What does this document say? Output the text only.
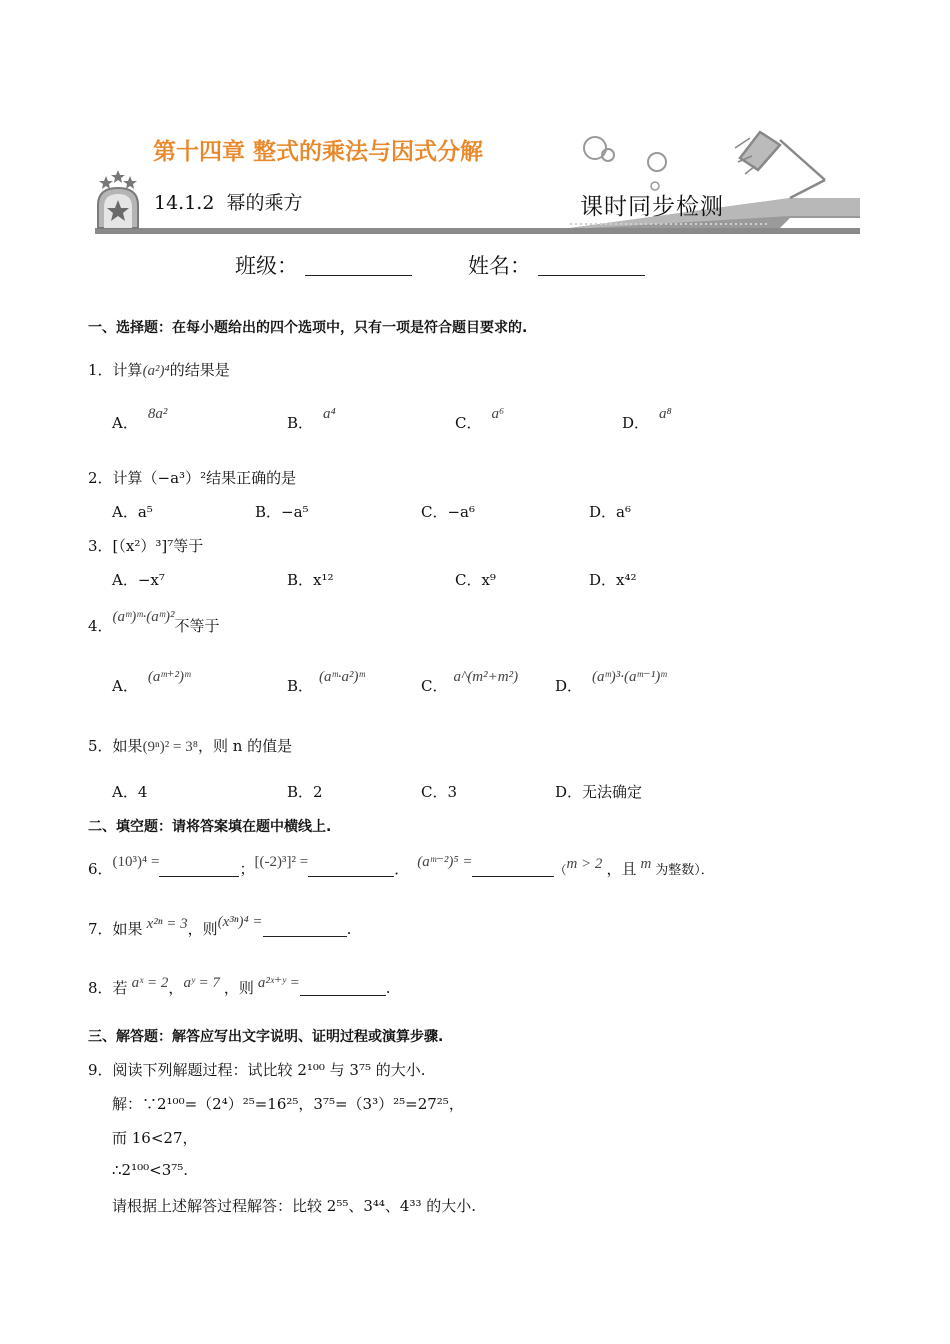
第十四章 整式的乘法与因式分解
14.1.2  幂的乘方	课时同步检测
班级：	姓名：
一、选择题：在每小题给出的四个选项中，只有一项是符合题目要求的.
1．计算(a²)⁴的结果是
A． 8a²	B． a⁴	C． a⁶	D． a⁸
2．计算（−a³）²结果正确的是
A．a⁵	B．−a⁵	C．−a⁶	D．a⁶
3．[（x²）³]⁷等于
A．−x⁷	B．x¹²	C．x⁹	D．x⁴²
4．(aᵐ)ᵐ·(aᵐ)²不等于
A． (aᵐ⁺²)ᵐ	B． (aᵐ·a²)ᵐ	C． a^(m²+m²) D． (aᵐ)³·(aᵐ⁻¹)ᵐ
5．如果(9ⁿ)² = 3⁸，则 n 的值是
A．4	B．2	C．3	D．无法确定
二、填空题：请将答案填在题中横线上.
6．(10³)⁴ =	；[(-2)³]² =	． (aᵐ⁻²)⁵ =	（m > 2 ，且 m 为整数）．
7．如果 x²ⁿ = 3，则(x³ⁿ)⁴ =	.
8．若 aˣ = 2，aʸ = 7 ，则 a²ˣ⁺ʸ =	.
三、解答题：解答应写出文字说明、证明过程或演算步骤.
9．阅读下列解题过程：试比较 2¹⁰⁰ 与 3⁷⁵ 的大小.
解：∵2¹⁰⁰=（2⁴）²⁵=16²⁵，3⁷⁵=（3³）²⁵=27²⁵，
而 16<27，
∴2¹⁰⁰<3⁷⁵.
请根据上述解答过程解答：比较 2⁵⁵、3⁴⁴、4³³ 的大小.
